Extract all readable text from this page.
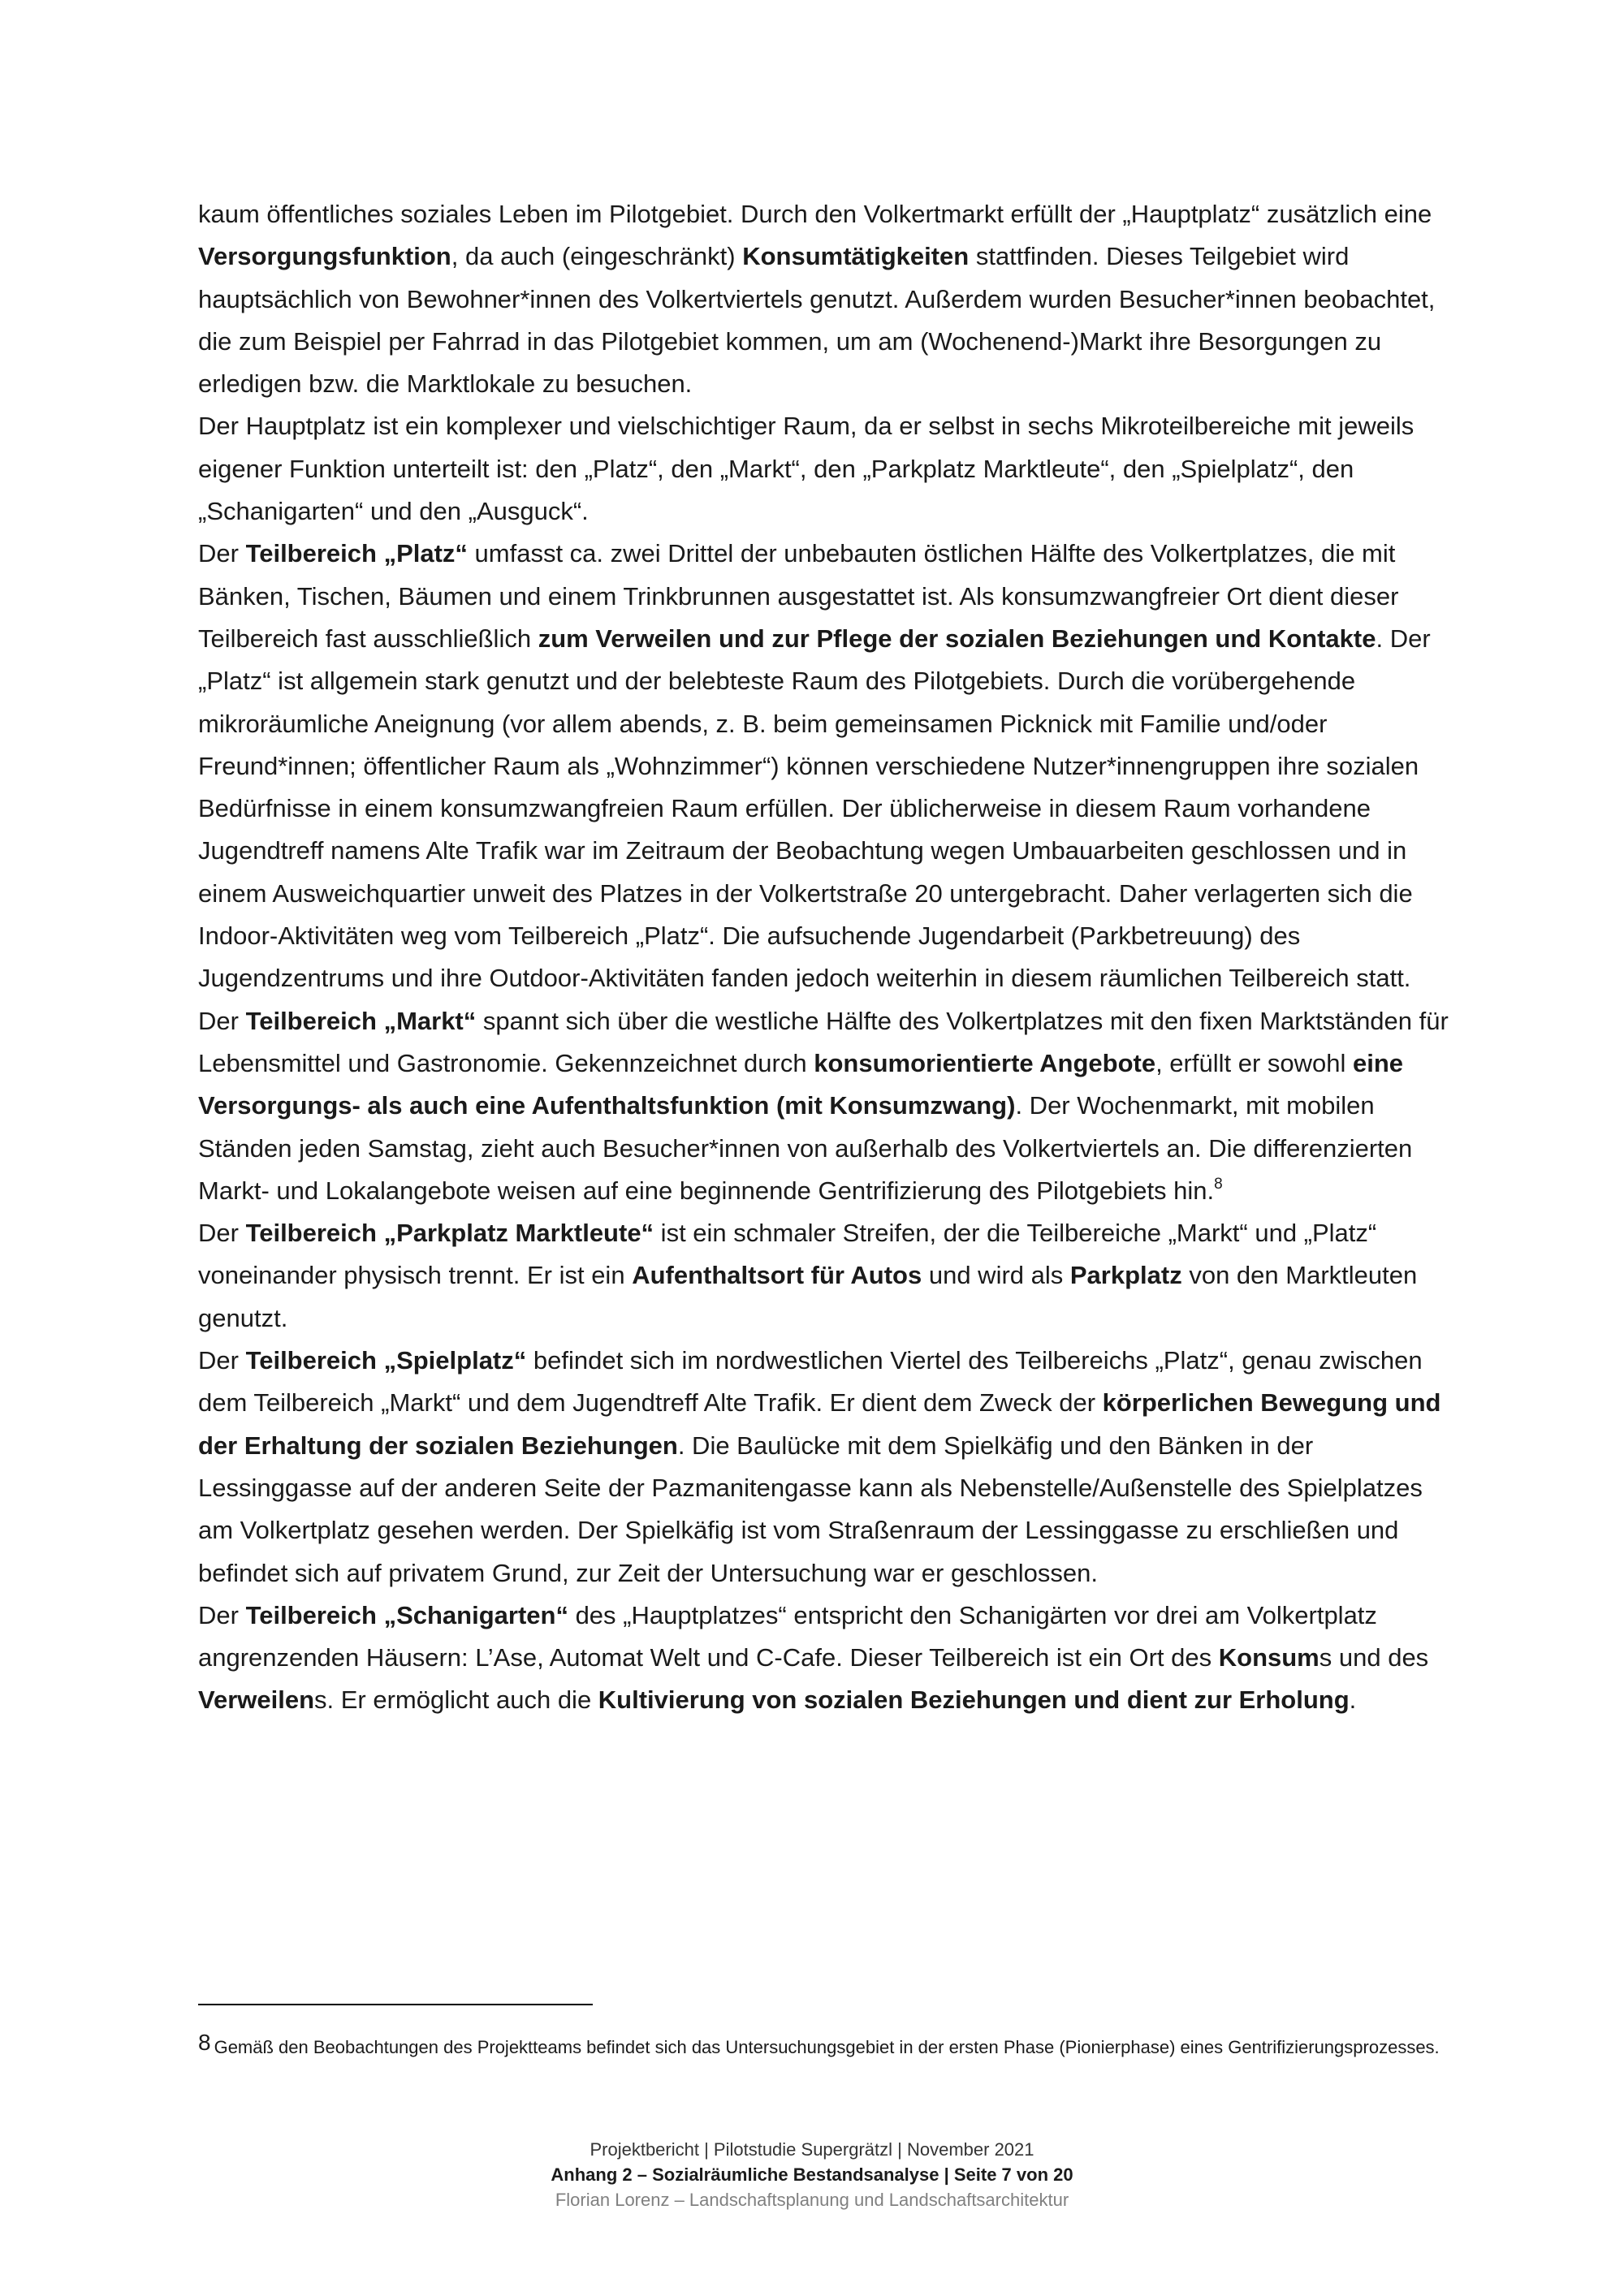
kaum öffentliches soziales Leben im Pilotgebiet. Durch den Volkertmarkt erfüllt der „Hauptplatz“ zusätzlich eine Versorgungsfunktion, da auch (eingeschränkt) Konsumtätigkeiten stattfinden. Dieses Teilgebiet wird hauptsächlich von Bewohner*innen des Volkertviertels genutzt. Außerdem wurden Besucher*innen beobachtet, die zum Beispiel per Fahrrad in das Pilotgebiet kommen, um am (Wochenend-)Markt ihre Besorgungen zu erledigen bzw. die Marktlokale zu besuchen.

Der Hauptplatz ist ein komplexer und vielschichtiger Raum, da er selbst in sechs Mikroteilbereiche mit jeweils eigener Funktion unterteilt ist: den „Platz“, den „Markt“, den „Parkplatz Marktleute“, den „Spielplatz“, den „Schanigarten“ und den „Ausguck“.

Der Teilbereich „Platz“ umfasst ca. zwei Drittel der unbebauten östlichen Hälfte des Volkertplatzes, die mit Bänken, Tischen, Bäumen und einem Trinkbrunnen ausgestattet ist. Als konsumzwangfreier Ort dient dieser Teilbereich fast ausschließlich zum Verweilen und zur Pflege der sozialen Beziehungen und Kontakte. Der „Platz“ ist allgemein stark genutzt und der belebteste Raum des Pilotgebiets. Durch die vorübergehende mikroräumliche Aneignung (vor allem abends, z. B. beim gemeinsamen Picknick mit Familie und/oder Freund*innen; öffentlicher Raum als „Wohnzimmer“) können verschiedene Nutzer*innengruppen ihre sozialen Bedürfnisse in einem konsumzwangfreien Raum erfüllen. Der üblicherweise in diesem Raum vorhandene Jugendtreff namens Alte Trafik war im Zeitraum der Beobachtung wegen Umbauarbeiten geschlossen und in einem Ausweichquartier unweit des Platzes in der Volkertstraße 20 untergebracht. Daher verlagerten sich die Indoor-Aktivitäten weg vom Teilbereich „Platz“. Die aufsuchende Jugendarbeit (Parkbetreuung) des Jugendzentrums und ihre Outdoor-Aktivitäten fanden jedoch weiterhin in diesem räumlichen Teilbereich statt.

Der Teilbereich „Markt“ spannt sich über die westliche Hälfte des Volkertplatzes mit den fixen Marktständen für Lebensmittel und Gastronomie. Gekennzeichnet durch konsumorientierte Angebote, erfüllt er sowohl eine Versorgungs- als auch eine Aufenthaltsfunktion (mit Konsumzwang). Der Wochenmarkt, mit mobilen Ständen jeden Samstag, zieht auch Besucher*innen von außerhalb des Volkertviertels an. Die differenzierten Markt- und Lokalangebote weisen auf eine beginnende Gentrifizierung des Pilotgebiets hin.$^8$

Der Teilbereich „Parkplatz Marktleute“ ist ein schmaler Streifen, der die Teilbereiche „Markt“ und „Platz“ voneinander physisch trennt. Er ist ein Aufenthaltsort für Autos und wird als Parkplatz von den Marktleuten genutzt.

Der Teilbereich „Spielplatz“ befindet sich im nordwestlichen Viertel des Teilbereichs „Platz“, genau zwischen dem Teilbereich „Markt“ und dem Jugendtreff Alte Trafik. Er dient dem Zweck der körperlichen Bewegung und der Erhaltung der sozialen Beziehungen. Die Baulücke mit dem Spielkäfig und den Bänken in der Lessinggasse auf der anderen Seite der Pazmanitengasse kann als Nebenstelle/Außenstelle des Spielplatzes am Volkertplatz gesehen werden. Der Spielkäfig ist vom Straßenraum der Lessinggasse zu erschließen und befindet sich auf privatem Grund, zur Zeit der Untersuchung war er geschlossen.

Der Teilbereich „Schanigarten“ des „Hauptplatzes“ entspricht den Schanigärten vor drei am Volkertplatz angrenzenden Häusern: L’Ase, Automat Welt und C-Cafe. Dieser Teilbereich ist ein Ort des Konsums und des Verweilens. Er ermöglicht auch die Kultivierung von sozialen Beziehungen und dient zur Erholung.

8 Gemäß den Beobachtungen des Projektteams befindet sich das Untersuchungsgebiet in der ersten Phase (Pionierphase) eines Gentrifizierungsprozesses.
Projektbericht | Pilotstudie Supergrätzl | November 2021
Anhang 2 – Sozialräumliche Bestandsanalyse | Seite 7 von 20
Florian Lorenz – Landschaftsplanung und Landschaftsarchitektur
